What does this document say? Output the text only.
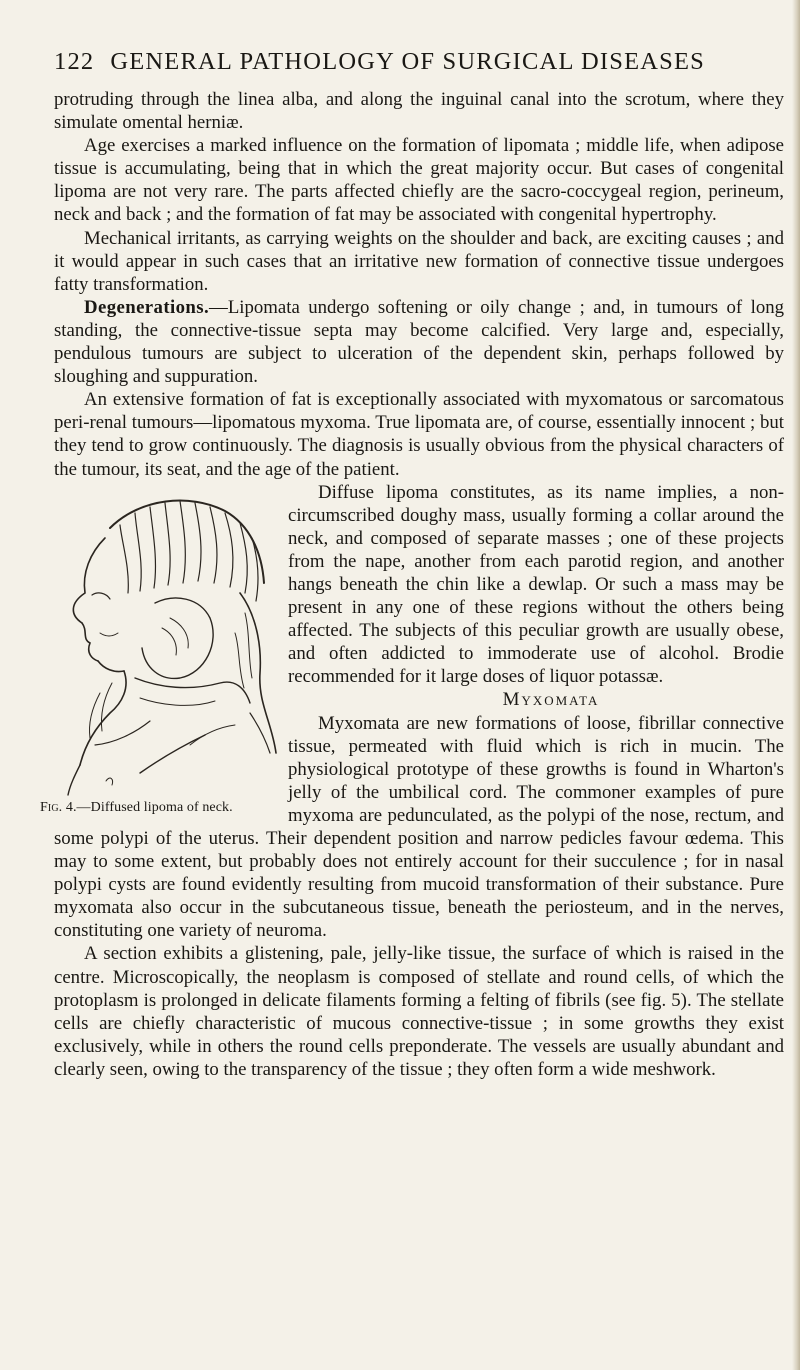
122 GENERAL PATHOLOGY OF SURGICAL DISEASES

protruding through the linea alba, and along the inguinal canal into the scrotum, where they simulate omental herniæ.

Age exercises a marked influence on the formation of lipomata ; middle life, when adipose tissue is accumulating, being that in which the great majority occur. But cases of congenital lipoma are not very rare. The parts affected chiefly are the sacro-coccygeal region, perineum, neck and back ; and the formation of fat may be associated with congenital hypertrophy.

Mechanical irritants, as carrying weights on the shoulder and back, are exciting causes ; and it would appear in such cases that an irritative new formation of connective tissue undergoes fatty transformation.

Degenerations.—Lipomata undergo softening or oily change ; and, in tumours of long standing, the connective-tissue septa may become calcified. Very large and, especially, pendulous tumours are subject to ulceration of the dependent skin, perhaps followed by sloughing and suppuration.

An extensive formation of fat is exceptionally associated with myxomatous or sarcomatous peri-renal tumours—lipomatous myxoma. True lipomata are, of course, essentially innocent ; but they tend to grow continuously. The diagnosis is usually obvious from the physical characters of the tumour, its seat, and the age of the patient.

Fig. 4.—Diffused lipoma of neck.

Diffuse lipoma constitutes, as its name implies, a non-circumscribed doughy mass, usually forming a collar around the neck, and composed of separate masses ; one of these projects from the nape, another from each parotid region, and another hangs beneath the chin like a dewlap. Or such a mass may be present in any one of these regions without the others being affected. The subjects of this peculiar growth are usually obese, and often addicted to immoderate use of alcohol. Brodie recommended for it large doses of liquor potassæ.

Myxomata

Myxomata are new formations of loose, fibrillar connective tissue, permeated with fluid which is rich in mucin. The physiological prototype of these growths is found in Wharton's jelly of the umbilical cord. The commoner examples of pure myxoma are pedunculated, as the polypi of the nose, rectum, and some polypi of the uterus. Their dependent position and narrow pedicles favour œdema. This may to some extent, but probably does not entirely account for their succulence ; for in nasal polypi cysts are found evidently resulting from mucoid transformation of their substance. Pure myxomata also occur in the subcutaneous tissue, beneath the periosteum, and in the nerves, constituting one variety of neuroma.

A section exhibits a glistening, pale, jelly-like tissue, the surface of which is raised in the centre. Microscopically, the neoplasm is composed of stellate and round cells, of which the protoplasm is prolonged in delicate filaments forming a felting of fibrils (see fig. 5). The stellate cells are chiefly characteristic of mucous connective-tissue ; in some growths they exist exclusively, while in others the round cells preponderate. The vessels are usually abundant and clearly seen, owing to the transparency of the tissue ; they often form a wide meshwork.
